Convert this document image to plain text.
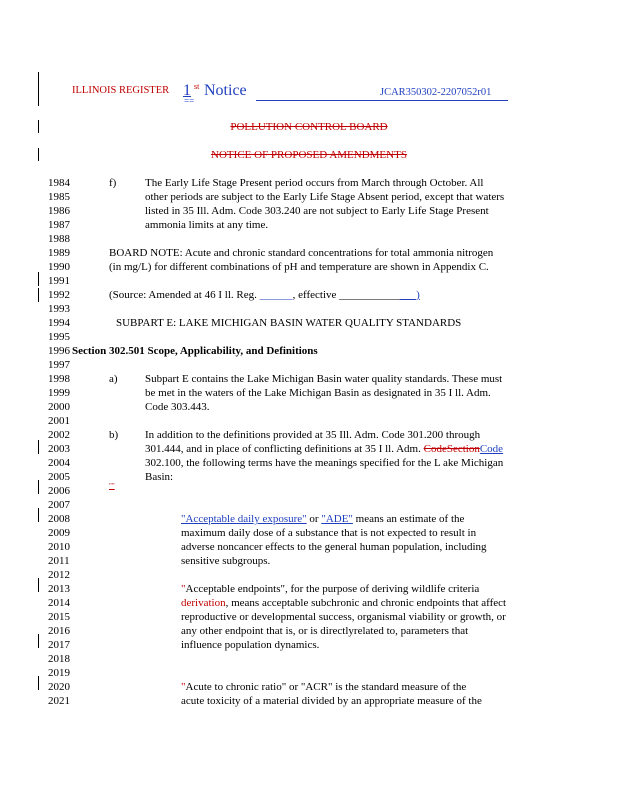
ILLINOIS REGISTER 1 st Notice
==
JCAR350302-2207052r01
POLLUTION CONTROL BOARD
NOTICE OF PROPOSED AMENDMENTS
1984
1985
1986
1987
1988
1989
1990
1991
1992
1993
1994
1995
1996
1997
1998
1999
2000
2001
2002
2003
2004
2005
2006
2007
2008
2009
2010
2011
2012
2013
2014
2015
2016
2017
2018
2019
2020
2021
f)	The Early Life Stage Present period occurs from March through October. All
other periods are subject to the Early Life Stage Absent period, except that waters
listed in 35 Ill. Adm. Code 303.240 are not subject to Early Life Stage Present
ammonia limits at any time.
BOARD NOTE: Acute and chronic standard concentrations for total ammonia nitrogen
(in mg/L) for different combinations of pH and temperature are shown in Appendix C.
(Source: Amended at 46 I ll. Reg. ______, effective ______________)
SUBPART E: LAKE MICHIGAN BASIN WATER QUALITY STANDARDS
Section 302.501 Scope, Applicability, and Definitions
a) Subpart E contains the Lake Michigan Basin water quality standards. These must
be met in the waters of the Lake Michigan Basin as designated in 35 I ll. Adm.
Code 303.443.
b) In addition to the definitions provided at 35 Ill. Adm. Code 301.200 through
301.444, and in place of conflicting definitions at 35 I ll. Adm. CodeSectionCode
302.100, the following terms have the meanings specified for the L ake Michigan
Basin:
""
"Acceptable daily exposure" or "ADE" means an estimate of the
maximum daily dose of a substance that is not expected to result in
adverse noncancer effects to the general human population, including
sensitive subgroups.
"Acceptable endpoints", for the purpose of deriving wildlife criteria
derivation, means acceptable subchronic and chronic endpoints that affect
reproductive or developmental success, organismal viability or growth, or
any other endpoint that is, or is directlyrelated to, parameters that
influence population dynamics.
"Acute to chronic ratio" or "ACR" is the standard measure of the
acute toxicity of a material divided by an appropriate measure of the
